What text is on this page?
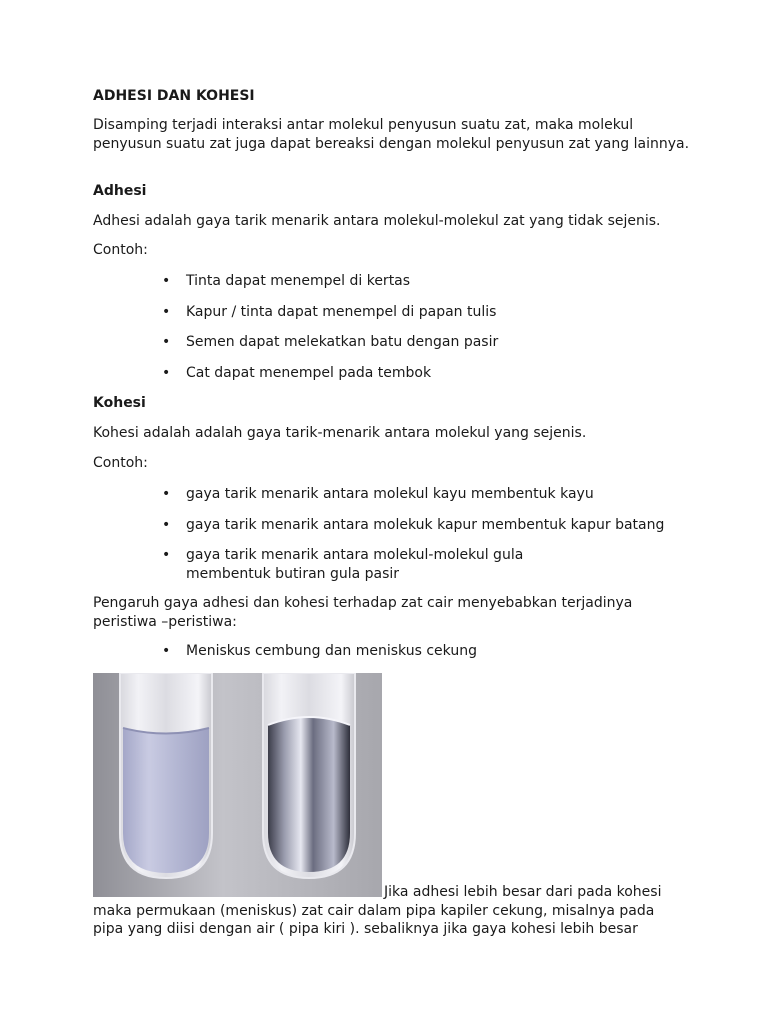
ADHESI DAN KOHESI

Disamping terjadi interaksi antar molekul penyusun suatu zat, maka molekul penyusun suatu zat juga dapat bereaksi dengan molekul penyusun zat yang lainnya.

Adhesi

Adhesi adalah gaya tarik menarik antara molekul-molekul zat yang tidak sejenis.

Contoh:

• Tinta dapat menempel di kertas
• Kapur / tinta dapat menempel di papan tulis
• Semen dapat melekatkan batu dengan pasir
• Cat dapat menempel pada tembok

Kohesi

Kohesi adalah adalah gaya tarik-menarik antara molekul yang sejenis.

Contoh:

• gaya tarik menarik antara molekul kayu membentuk kayu
• gaya tarik menarik antara molekuk kapur membentuk kapur batang
• gaya tarik menarik antara molekul-molekul gula membentuk butiran gula pasir

Pengaruh gaya adhesi dan kohesi terhadap zat cair menyebabkan terjadinya peristiwa –peristiwa:

• Meniskus cembung dan meniskus cekung

Jika adhesi lebih besar dari pada kohesi

maka permukaan (meniskus) zat cair dalam pipa kapiler cekung, misalnya pada

pipa yang diisi dengan air ( pipa kiri ). sebaliknya jika gaya kohesi lebih besar
